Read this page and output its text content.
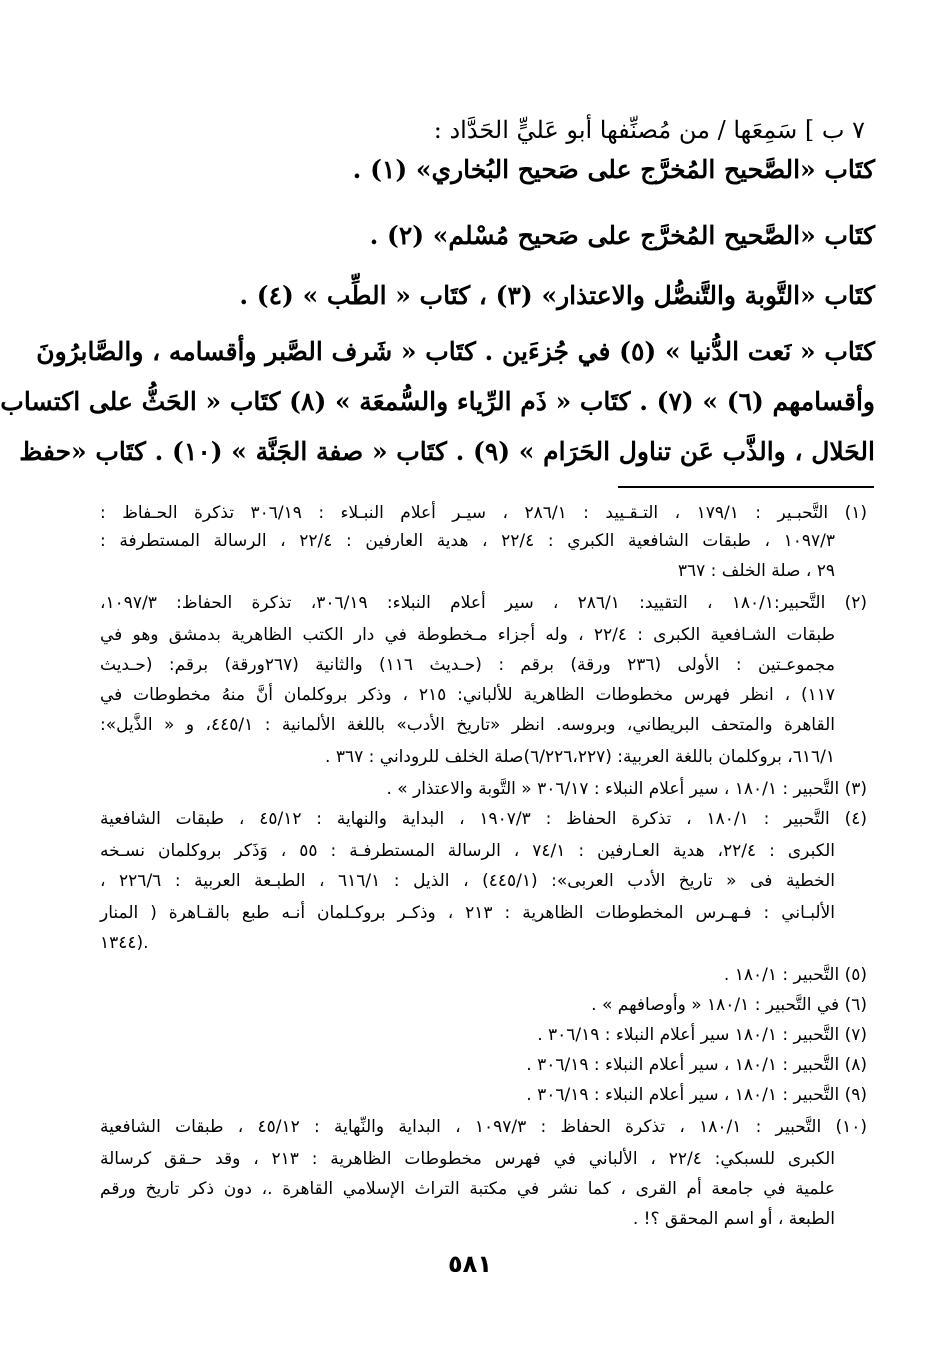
٧ ب ] سَمِعَها / من مُصنِّفها أبو عَليٍّ الحَدَّاد :
كتَاب «الصَّحيح المُخرَّج على صَحيح البُخاري» (١) .
كتَاب «الصَّحيح المُخرَّج على صَحيح مُسْلم» (٢) .
كتَاب «التَّوبة والتَّنصُّل والاعتذار» (٣) ، كتَاب « الطِّب » (٤) .
كتَاب « نَعت الدُّنيا » (٥) في جُزءَين . كتَاب « شَرف الصَّبر وأقسامه ، والصَّابرُونَ
وأقسامهم (٦) » (٧) . كتَاب « ذَم الرِّياء والسُّمعَة » (٨) كتَاب « الحَثُّ على اكتساب
الحَلال ، والذَّب عَن تناول الحَرَام » (٩) . كتَاب « صفة الجَنَّة » (١٠) . كتَاب «حفظ
(١) التَّحبـير : ١٧٩/١ ، التـقـييد : ٢٨٦/١ ، سيـر أعلام النبـلاء : ٣٠٦/١٩ تذكرة الحـفاظ :
١٠٩٧/٣ ، طبقات الشافعية الكبري : ٢٢/٤ ، هدية العارفين : ٢٢/٤ ، الرسالة المستطرفة :
٢٩ ، صلة الخلف : ٣٦٧
(٢) التَّحبير:١٨٠/١ ، التقييد: ٢٨٦/١ ، سير أعلام النبلاء: ٣٠٦/١٩، تذكرة الحفاظ: ١٠٩٧/٣،
طبقات الشـافعية الكبرى : ٢٢/٤ ، وله أجزاء مـخطوطة في دار الكتب الظاهرية بدمشق وهو في
مجموعـتين : الأولى (٢٣٦ ورقة) برقم : (حـديث ١١٦) والثانية (٢٦٧ورقة) برقم: (حـديث
١١٧) ، انظر فهرس مخطوطات الظاهرية للألباني: ٢١٥ ، وذكر بروكلمان أنَّ منهُ مخطوطات في
القاهرة والمتحف البريطاني، وبروسه. انظر «تاريخ الأدب» باللغة الألمانية : ٤٤٥/١، و « الذَّيل»:
٦١٦/١، بروكلمان باللغة العربية: (٦/٢٢٦،٢٢٧)صلة الخلف للروداني : ٣٦٧ .
(٣) التَّحبير : ١٨٠/١ ، سير أعلام النبلاء : ٣٠٦/١٧ « التَّوبة والاعتذار » .
(٤) التَّحبير : ١٨٠/١ ، تذكرة الحفاظ : ١٩٠٧/٣ ، البداية والنهاية : ٤٥/١٢ ، طبقات الشافعية
الكبرى : ٢٢/٤، هدية العـارفين : ٧٤/١ ، الرسالة المستطرفـة : ٥٥ ، وَذَكر بروكلمان نسـخه
الخطية فى « تاريخ الأدب العربى»: (٤٤٥/١) ، الذيل : ٦١٦/١ ، الطبـعة العربية : ٢٢٦/٦ ،
الألبـاني : فـهـرس المخطوطات الظاهرية : ٢١٣ ، وذكـر بروكـلمان أنـه طبع بالقـاهرة ( المنار
١٣٤٤).
(٥) التَّحبير : ١٨٠/١ .
(٦) في التَّحبير : ١٨٠/١ « وأوصافهم » .
(٧) التَّحبير : ١٨٠/١ سير أعلام النبلاء : ٣٠٦/١٩ .
(٨) التَّحبير : ١٨٠/١ ، سير أعلام النبلاء : ٣٠٦/١٩ .
(٩) التَّحبير : ١٨٠/١ ، سير أعلام النبلاء : ٣٠٦/١٩ .
(١٠) التَّحبير : ١٨٠/١ ، تذكرة الحفاظ : ١٠٩٧/٣ ، البداية والنِّهاية : ٤٥/١٢ ، طبقات الشافعية
الكبرى للسبكي: ٢٢/٤ ، الألباني في فهرس مخطوطات الظاهرية : ٢١٣ ، وقد حـقق كرسالة
علمية في جامعة أم القرى ، كما نشر في مكتبة التراث الإسلامي القاهرة .، دون ذكر تاريخ ورقم
الطبعة ، أو اسم المحقق ؟! .
٥٨١
